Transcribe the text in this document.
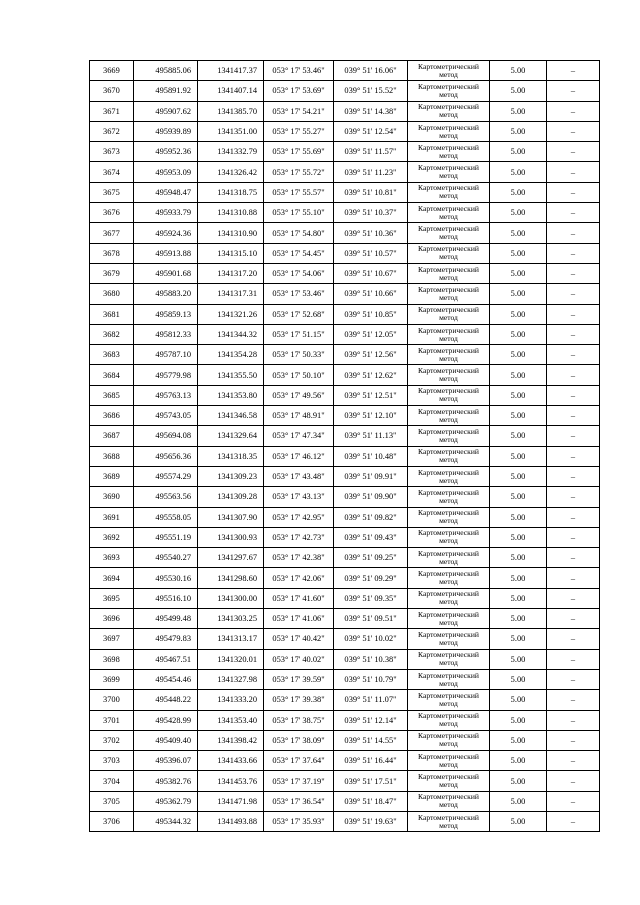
3669	495885.06	1341417.37	053° 17' 53.46"	039° 51' 16.06"	Картометрический метод	5.00	–
3670	495891.92	1341407.14	053° 17' 53.69"	039° 51' 15.52"	Картометрический метод	5.00	–
3671	495907.62	1341385.70	053° 17' 54.21"	039° 51' 14.38"	Картометрический метод	5.00	–
3672	495939.89	1341351.00	053° 17' 55.27"	039° 51' 12.54"	Картометрический метод	5.00	–
3673	495952.36	1341332.79	053° 17' 55.69"	039° 51' 11.57"	Картометрический метод	5.00	–
3674	495953.09	1341326.42	053° 17' 55.72"	039° 51' 11.23"	Картометрический метод	5.00	–
3675	495948.47	1341318.75	053° 17' 55.57"	039° 51' 10.81"	Картометрический метод	5.00	–
3676	495933.79	1341310.88	053° 17' 55.10"	039° 51' 10.37"	Картометрический метод	5.00	–
3677	495924.36	1341310.90	053° 17' 54.80"	039° 51' 10.36"	Картометрический метод	5.00	–
3678	495913.88	1341315.10	053° 17' 54.45"	039° 51' 10.57"	Картометрический метод	5.00	–
3679	495901.68	1341317.20	053° 17' 54.06"	039° 51' 10.67"	Картометрический метод	5.00	–
3680	495883.20	1341317.31	053° 17' 53.46"	039° 51' 10.66"	Картометрический метод	5.00	–
3681	495859.13	1341321.26	053° 17' 52.68"	039° 51' 10.85"	Картометрический метод	5.00	–
3682	495812.33	1341344.32	053° 17' 51.15"	039° 51' 12.05"	Картометрический метод	5.00	–
3683	495787.10	1341354.28	053° 17' 50.33"	039° 51' 12.56"	Картометрический метод	5.00	–
3684	495779.98	1341355.50	053° 17' 50.10"	039° 51' 12.62"	Картометрический метод	5.00	–
3685	495763.13	1341353.80	053° 17' 49.56"	039° 51' 12.51"	Картометрический метод	5.00	–
3686	495743.05	1341346.58	053° 17' 48.91"	039° 51' 12.10"	Картометрический метод	5.00	–
3687	495694.08	1341329.64	053° 17' 47.34"	039° 51' 11.13"	Картометрический метод	5.00	–
3688	495656.36	1341318.35	053° 17' 46.12"	039° 51' 10.48"	Картометрический метод	5.00	–
3689	495574.29	1341309.23	053° 17' 43.48"	039° 51' 09.91"	Картометрический метод	5.00	–
3690	495563.56	1341309.28	053° 17' 43.13"	039° 51' 09.90"	Картометрический метод	5.00	–
3691	495558.05	1341307.90	053° 17' 42.95"	039° 51' 09.82"	Картометрический метод	5.00	–
3692	495551.19	1341300.93	053° 17' 42.73"	039° 51' 09.43"	Картометрический метод	5.00	–
3693	495540.27	1341297.67	053° 17' 42.38"	039° 51' 09.25"	Картометрический метод	5.00	–
3694	495530.16	1341298.60	053° 17' 42.06"	039° 51' 09.29"	Картометрический метод	5.00	–
3695	495516.10	1341300.00	053° 17' 41.60"	039° 51' 09.35"	Картометрический метод	5.00	–
3696	495499.48	1341303.25	053° 17' 41.06"	039° 51' 09.51"	Картометрический метод	5.00	–
3697	495479.83	1341313.17	053° 17' 40.42"	039° 51' 10.02"	Картометрический метод	5.00	–
3698	495467.51	1341320.01	053° 17' 40.02"	039° 51' 10.38"	Картометрический метод	5.00	–
3699	495454.46	1341327.98	053° 17' 39.59"	039° 51' 10.79"	Картометрический метод	5.00	–
3700	495448.22	1341333.20	053° 17' 39.38"	039° 51' 11.07"	Картометрический метод	5.00	–
3701	495428.99	1341353.40	053° 17' 38.75"	039° 51' 12.14"	Картометрический метод	5.00	–
3702	495409.40	1341398.42	053° 17' 38.09"	039° 51' 14.55"	Картометрический метод	5.00	–
3703	495396.07	1341433.66	053° 17' 37.64"	039° 51' 16.44"	Картометрический метод	5.00	–
3704	495382.76	1341453.76	053° 17' 37.19"	039° 51' 17.51"	Картометрический метод	5.00	–
3705	495362.79	1341471.98	053° 17' 36.54"	039° 51' 18.47"	Картометрический метод	5.00	–
3706	495344.32	1341493.88	053° 17' 35.93"	039° 51' 19.63"	Картометрический метод	5.00	–
